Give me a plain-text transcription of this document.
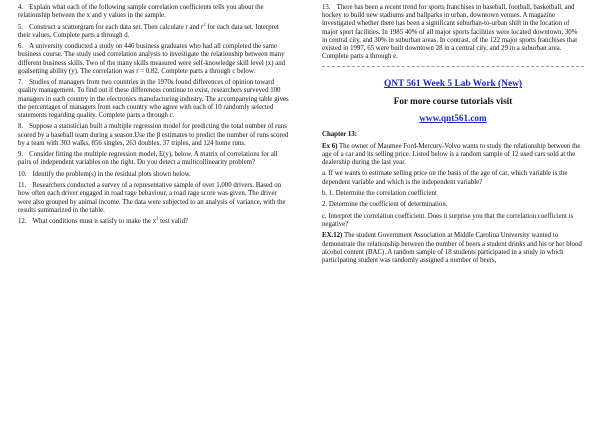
4. Explain what each of the following sample correlation coefficients tells you about the relationship between the x and y values in the sample.
5. Construct a scattergram for each data set. Then calculate r and $r^2$ for each data set. Interpret their values. Complete parts a through d.
6. A university conducted a study on 446 business graduates who had all completed the same business course. The study used correlation analysis to investigate the relationship between many different business skills. Two of the many skills measured were self-knowledge skill level (x) and goalsetting ability (y). The correlation was r = 0.82. Complete parts a through c below.
7. Studies of managers from two countries in the 1970s found differences of opinion toward quality management. To find out if these differences continue to exist, researchers surveyed 100 managers in each country in the electronics manufacturing industry. The accompanying table gives the percentages of managers from each country who agree with each of 10 randomly selected statements regarding quality. Complete parts a through c.
8. Suppose a statistician built a multiple regression model for predicting the total number of runs scored by a baseball team during a season.Use the β estimates to predict the number of runs scored by a team with 303 walks, 856 singles, 263 doubles, 37 triples, and 124 home runs.
9. Consider fitting the multiple regression model, E(y), below. A matrix of correlations for all pairs of independent variables on the right. Do you detect a multicollinearity problem?
10. Identify the problem(s) in the residual plots shown below.
11. Researchers conducted a survey of a representative sample of over 1,000 drivers. Based on how often each driver engaged in road rage behaviour, a road rage score was given. The driver were also grouped by animal income. The data were subjected to an analysis of variance, with the results summarized in the table.
12. What conditions must n satisfy to make the $x^2$ test valid?
13. There has been a recent trend for sports franchises in baseball, football, basketball, and hockey to build new stadiums and ballparks in urban, downtown venues. A magazine investigated whether there has been a significant suburban-to-urban shift in the location of major sport facilities. In 1985 40% of all major sports facilities were located downtown, 30% in central city, and 30% in suburban areas. In contrast, of the 122 major sports franchises that existed in 1997, 65 were built downtown 28 in a central city, and 29 in a suburban area. Complete parts a through e.
QNT 561 Week 5 Lab Work (New)
For more course tutorials visit
www.qnt561.com
Chapter 13:
Ex 6) The owner of Maumee Ford-Mercury-Volvo wants to study the relationship between the age of a car and its selling price. Listed below is a random sample of 12 used cars sold at the dealership during the last year.
a. If we wants to estimate selling price on the basis of the age of car, which variable is the dependent variable and which is the independent variable?
b. 1. Determine the correlation coefficient
2. Determine the coefficient of determination.
c. Interpret the correlation coefficient. Does it surprise you that the correlation coefficient is negative?
EX.12) The student Government Association at Middle Carolina University wanted to demonstrate the relationship between the number of beers a student drinks and his or her blood alcohol content (BAC). A random sample of 18 students participated in a study in which participating student was randomly assigned a number of beers,
